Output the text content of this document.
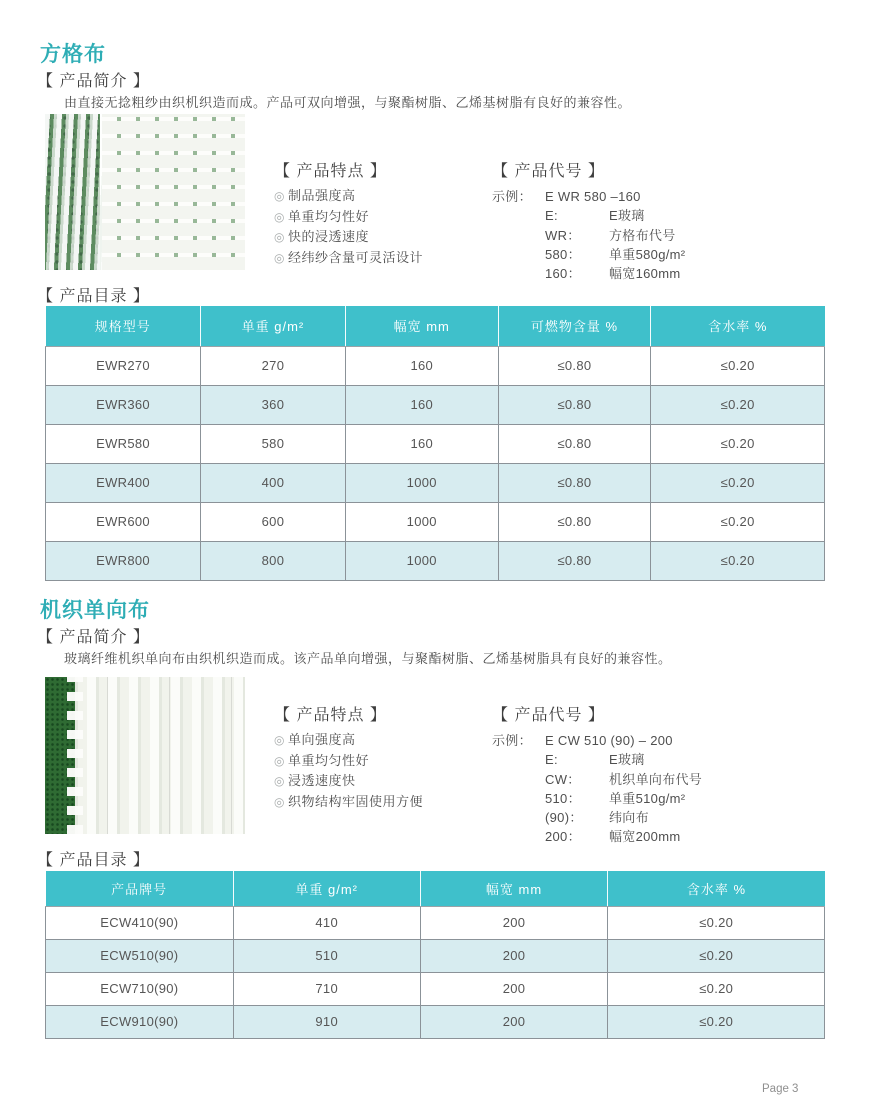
方格布
【 产品简介 】

由直接无捻粗纱由织机织造而成。产品可双向增强，与聚酯树脂、乙烯基树脂有良好的兼容性。

【 产品特点 】
◎ 制品强度高
◎ 单重均匀性好
◎ 快的浸透速度
◎ 经纬纱含量可灵活设计
【 产品代号 】
示例：	E WR 580 –160
E:	E玻璃
WR：	方格布代号
580：	单重580g/m²
160：	幅宽160mm
【 产品目录 】
规格型号	单重 g/m²	幅宽 mm	可燃物含量 %	含水率 %
EWR270	270	160	≤0.80	≤0.20
EWR360	360	160	≤0.80	≤0.20
EWR580	580	160	≤0.80	≤0.20
EWR400	400	1000	≤0.80	≤0.20
EWR600	600	1000	≤0.80	≤0.20
EWR800	800	1000	≤0.80	≤0.20
机织单向布
【 产品简介 】

玻璃纤维机织单向布由织机织造而成。该产品单向增强，与聚酯树脂、乙烯基树脂具有良好的兼容性。

【 产品特点 】
◎ 单向强度高
◎ 单重均匀性好
◎ 浸透速度快
◎ 织物结构牢固使用方便
【 产品代号 】
示例：	E CW 510 (90) – 200
E:	E玻璃
CW：	机织单向布代号
510：	单重510g/m²
(90)：	纬向布
200：	幅宽200mm
【 产品目录 】
产品牌号	单重 g/m²	幅宽 mm	含水率 %
ECW410(90)	410	200	≤0.20
ECW510(90)	510	200	≤0.20
ECW710(90)	710	200	≤0.20
ECW910(90)	910	200	≤0.20
Page 3
